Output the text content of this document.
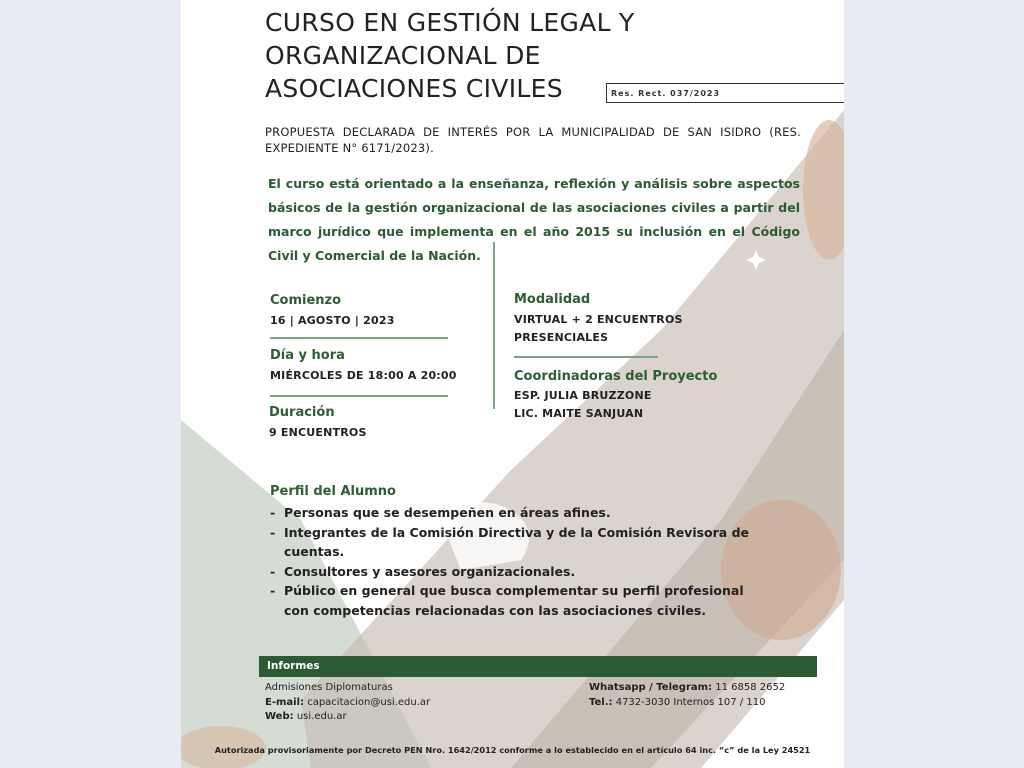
CURSO EN GESTIÓN LEGAL Y
ORGANIZACIONAL DE
ASOCIACIONES CIVILES	Res. Rect. 037/2023
PROPUESTA DECLARADA DE INTERÉS POR LA MUNICIPALIDAD DE SAN ISIDRO (RES. EXPEDIENTE N° 6171/2023).
El curso está orientado a la enseñanza, reflexión y análisis sobre aspectos básicos de la gestión organizacional de las asociaciones civiles a partir del marco jurídico que implementa en el año 2015 su inclusión en el Código Civil y Comercial de la Nación.
Comienzo
16 | AGOSTO | 2023
Día y hora
MIÉRCOLES DE 18:00 A 20:00
Duración
9 ENCUENTROS
Modalidad
VIRTUAL + 2 ENCUENTROS
PRESENCIALES
Coordinadoras del Proyecto
ESP. JULIA BRUZZONE
LIC. MAITE SANJUAN
Perfil del Alumno
- Personas que se desempeñen en áreas afines.
- Integrantes de la Comisión Directiva y de la Comisión Revisora de cuentas.
- Consultores y asesores organizacionales.
- Público en general que busca complementar su perfil profesional con competencias relacionadas con las asociaciones civiles.
Informes
Admisiones Diplomaturas
E-mail: capacitacion@usi.edu.ar
Web: usi.edu.ar
Whatsapp / Telegram: 11 6858 2652
Tel.: 4732-3030 Internos 107 / 110
Autorizada provisoriamente por Decreto PEN Nro. 1642/2012 conforme a lo establecido en el artículo 64 inc. “c” de la Ley 24521
